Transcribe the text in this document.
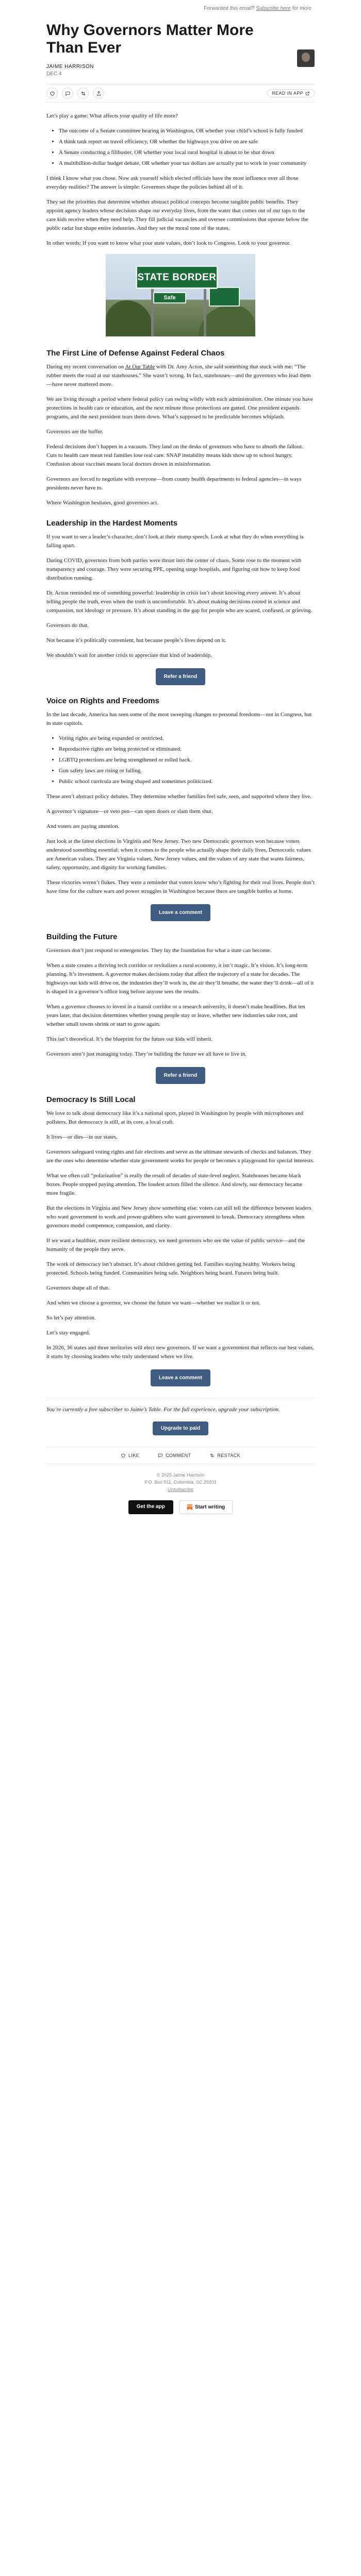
Forwarded this email? Subscribe here for more
Why Governors Matter More Than Ever
JAIME HARRISON
DEC 4
READ IN APP

Let’s play a game: What affects your quality of life more?

• The outcome of a Senate committee hearing in Washington, OR whether your child’s school is fully funded
• A think tank report on travel efficiency, OR whether the highways you drive on are safe
• A Senate conducting a filibuster, OR whether your local rural hospital is about to be shut down
• A multibillion-dollar budget debate, OR whether your tax dollars are actually put to work in your community

I think I know what you chose. Now ask yourself which elected officials have the most influence over all those everyday realities? The answer is simple: Governors shape the policies behind all of it.

They set the priorities that determine whether abstract political concepts become tangible public benefits. They appoint agency leaders whose decisions shape our everyday lives, from the water that comes out of our taps to the care kids receive when they need help. They fill judicial vacancies and oversee commissions that operate below the public radar but shape entire industries. And they set the moral tone of the states.

In other words: If you want to know what your state values, don’t look to Congress. Look to your governor.

STATE BORDER
Safe
The First Line of Defense Against Federal Chaos

During my recent conversation on At Our Table with Dr. Amy Acton, she said something that stuck with me: “The rubber meets the road at our statehouses.” She wasn’t wrong. In fact, statehouses—and the governors who lead them—have never mattered more.

We are living through a period where federal policy can swing wildly with each administration. One minute you have protections in health care or education, and the next minute those protections are gutted. One president expands programs, and the next president tears them down. What’s supposed to be predictable becomes whiplash.

Governors are the buffer.

Federal decisions don’t happen in a vacuum. They land on the desks of governors who have to absorb the fallout. Cuts to health care mean real families lose real care. SNAP instability means kids show up to school hungry. Confusion about vaccines means local doctors drown in misinformation.

Governors are forced to negotiate with everyone—from county health departments to federal agencies—in ways presidents never have to.

Where Washington hesitates, good governors act.

Leadership in the Hardest Moments

If you want to see a leader’s character, don’t look at their stump speech. Look at what they do when everything is falling apart.

During COVID, governors from both parties were thrust into the center of chaos. Some rose to the moment with transparency and courage. They were securing PPE, opening surge hospitals, and figuring out how to keep food distribution running.

Dr. Acton reminded me of something powerful: leadership in crisis isn’t about knowing every answer. It’s about telling people the truth, even when the truth is uncomfortable. It’s about making decisions rooted in science and compassion, not ideology or pressure. It’s about standing in the gap for people who are scared, confused, or grieving.

Governors do that.

Not because it’s politically convenient, but because people’s lives depend on it.

We shouldn’t wait for another crisis to appreciate that kind of leadership.

Refer a friend
Voice on Rights and Freedoms

In the last decade, America has seen some of the most sweeping changes to personal freedoms—not in Congress, but in state capitols.

• Voting rights are being expanded or restricted.
• Reproductive rights are being protected or eliminated.
• LGBTQ protections are being strengthened or rolled back.
• Gun safety laws are rising or falling.
• Public school curricula are being shaped and sometimes politicized.

These aren’t abstract policy debates. They determine whether families feel safe, seen, and supported where they live.

A governor’s signature—or veto pen—can open doors or slam them shut.

And voters are paying attention.

Just look at the latest elections in Virginia and New Jersey. Two new Democratic governors won because voters understood something essential: when it comes to the people who actually shape their daily lives, Democratic values are American values. They are Virginia values, New Jersey values, and the values of any state that wants fairness, safety, opportunity, and dignity for working families.

These victories weren’t flukes. They were a reminder that voters know who’s fighting for their real lives. People don’t have time for the culture wars and power struggles in Washington because there are tangible battles at home.

Leave a comment
Building the Future

Governors don’t just respond to emergencies. They lay the foundation for what a state can become.

When a state creates a thriving tech corridor or revitalizes a rural economy, it isn’t magic. It’s vision. It’s long-term planning. It’s investment. A governor makes decisions today that affect the trajectory of a state for decades. The highways our kids will drive on, the industries they’ll work in, the air they’ll breathe, the water they’ll drink—all of it is shaped in a governor’s office long before anyone sees the results.

When a governor chooses to invest in a transit corridor or a research university, it doesn’t make headlines. But ten years later, that decision determines whether young people stay or leave, whether new industries take root, and whether small towns shrink or start to grow again.

This isn’t theoretical. It’s the blueprint for the future our kids will inherit.

Governors aren’t just managing today. They’re building the future we all have to live in.

Refer a friend
Democracy Is Still Local

We love to talk about democracy like it’s a national sport, played in Washington by people with microphones and pollsters. But democracy is still, at its core, a local craft.

It lives—or dies—in our states.

Governors safeguard voting rights and fair elections and serve as the ultimate stewards of checks and balances. They are the ones who determine whether state government works for people or becomes a playground for special interests.

What we often call “polarization” is really the result of decades of state-level neglect. Statehouses became black boxes. People stopped paying attention. The loudest actors filled the silence. And slowly, our democracy became more fragile.

But the elections in Virginia and New Jersey show something else: voters can still tell the difference between leaders who want government to work and power-grabbers who want government to break. Democracy strengthens when governors model competence, compassion, and clarity.

If we want a healthier, more resilient democracy, we need governors who see the value of public service—and the humanity of the people they serve.

The work of democracy isn’t abstract. It’s about children getting fed. Families staying healthy. Workers being protected. Schools being funded. Communities being safe. Neighbors being heard. Futures being built.

Governors shape all of that.

And when we choose a governor, we choose the future we want—whether we realize it or not.

So let’s pay attention.

Let’s stay engaged.

In 2026, 36 states and three territories will elect new governors. If we want a government that reflects our best values, it starts by choosing leaders who truly understand where we live.

Leave a comment

You’re currently a free subscriber to Jaime’s Table. For the full experience, upgrade your subscription.

Upgrade to paid
LIKE	COMMENT	RESTACK
© 2025 Jaime Harrison
P.O. Box 911, Columbia, SC 29201
Unsubscribe
Get the app	Start writing
